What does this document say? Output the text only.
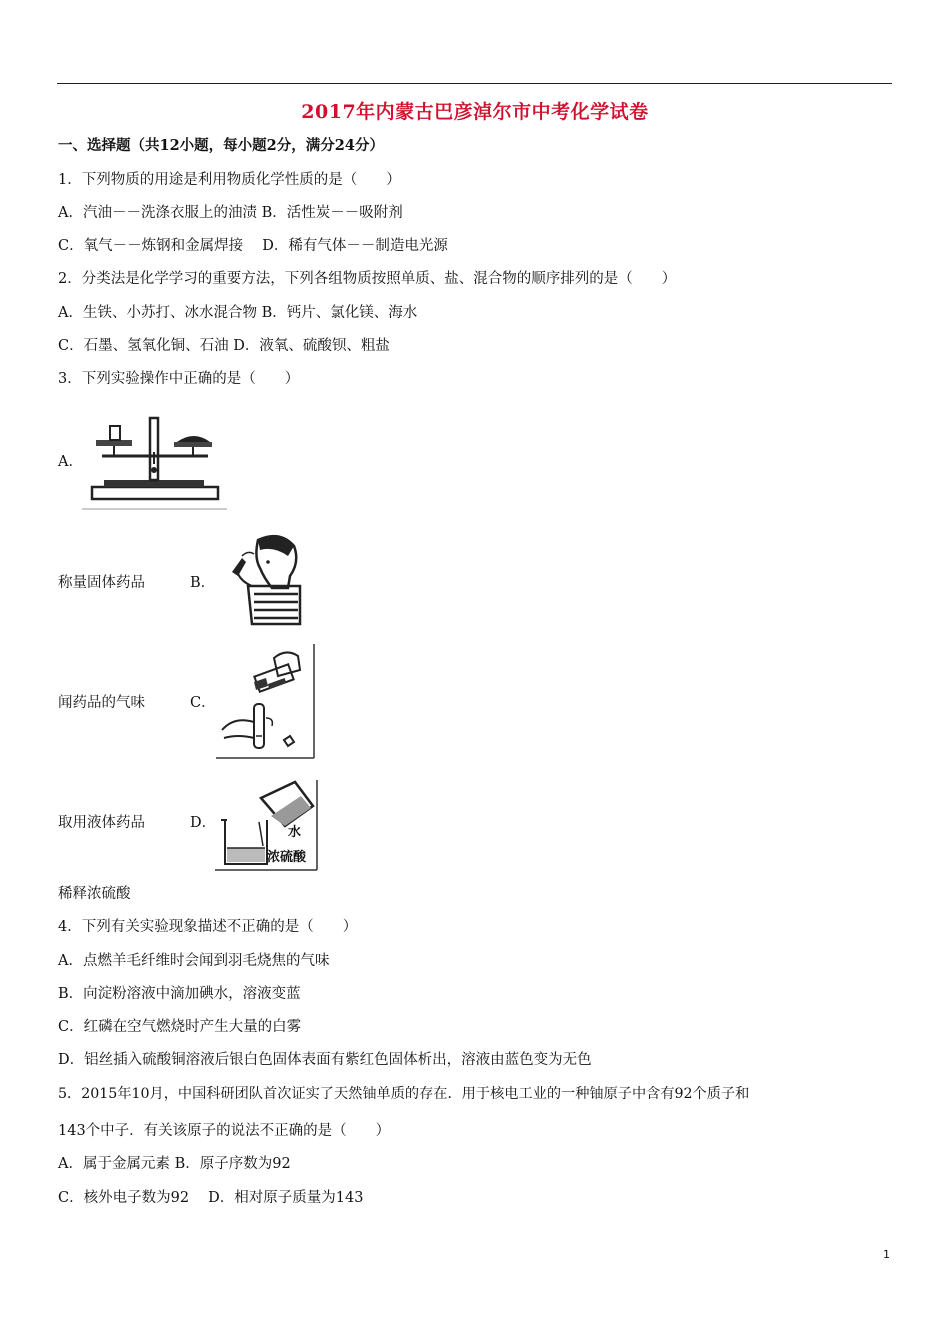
2017年内蒙古巴彦淖尔市中考化学试卷
一、选择题（共12小题，每小题2分，满分24分）
1．下列物质的用途是利用物质化学性质的是（　　）
A．汽油－－洗涤衣服上的油渍 B．活性炭－－吸附剂
C．氧气－－炼钢和金属焊接　 D．稀有气体－－制造电光源
2．分类法是化学学习的重要方法，下列各组物质按照单质、盐、混合物的顺序排列的是（　　）
A．生铁、小苏打、冰水混合物 B．钙片、氯化镁、海水
C．石墨、氢氧化铜、石油 D．液氧、硫酸钡、粗盐
3．下列实验操作中正确的是（　　）
A．
称量固体药品	B．
闻药品的气味	C．
取用液体药品	D．
水
浓硫酸
稀释浓硫酸
4．下列有关实验现象描述不正确的是（　　）
A．点燃羊毛纤维时会闻到羽毛烧焦的气味
B．向淀粉溶液中滴加碘水，溶液变蓝
C．红磷在空气燃烧时产生大量的白雾
D．铝丝插入硫酸铜溶液后银白色固体表面有紫红色固体析出，溶液由蓝色变为无色
5．2015年10月，中国科研团队首次证实了天然铀单质的存在．用于核电工业的一种铀原子中含有92个质子和
143个中子．有关该原子的说法不正确的是（　　）
A．属于金属元素 B．原子序数为92
C．核外电子数为92　 D．相对原子质量为143
1
